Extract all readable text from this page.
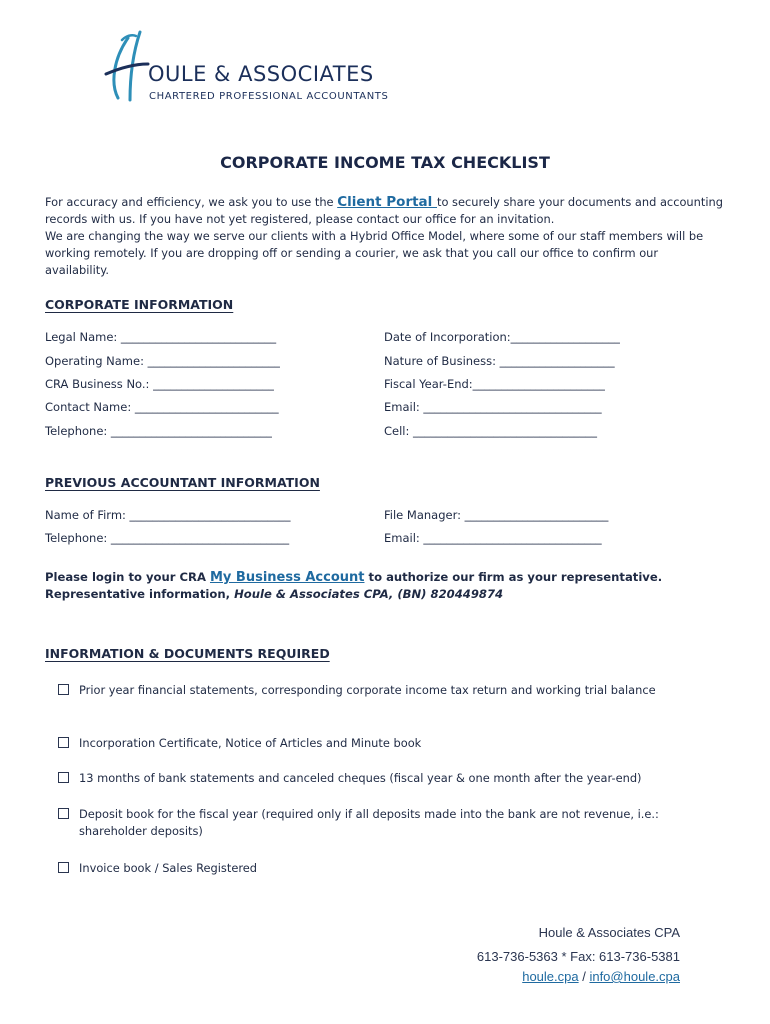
OULE & ASSOCIATES
CHARTERED PROFESSIONAL ACCOUNTANTS
CORPORATE INCOME TAX CHECKLIST
For accuracy and efficiency, we ask you to use the Client Portal to securely share your documents and accounting records with us. If you have not yet registered, please contact our office for an invitation.
We are changing the way we serve our clients with a Hybrid Office Model, where some of our staff members will be working remotely. If you are dropping off or sending a courier, we ask that you call our office to confirm our availability.
CORPORATE INFORMATION
Legal Name: ___________________________
Operating Name: _______________________
CRA Business No.: _____________________
Contact Name: _________________________
Telephone: ____________________________
Date of Incorporation:___________________
Nature of Business: ____________________
Fiscal Year-End:_______________________
Email: _______________________________
Cell: ________________________________
PREVIOUS ACCOUNTANT INFORMATION
Name of Firm: ____________________________
Telephone: _______________________________
File Manager: _________________________
Email: _______________________________
Please login to your CRA My Business Account to authorize our firm as your representative.
Representative information, Houle & Associates CPA, (BN) 820449874
INFORMATION & DOCUMENTS REQUIRED
Prior year financial statements, corresponding corporate income tax return and working trial balance
Incorporation Certificate, Notice of Articles and Minute book
13 months of bank statements and canceled cheques (fiscal year & one month after the year-end)
Deposit book for the fiscal year (required only if all deposits made into the bank are not revenue, i.e.: shareholder deposits)
Invoice book / Sales Registered
Houle & Associates CPA
613-736-5363 * Fax: 613-736-5381
houle.cpa / info@houle.cpa
